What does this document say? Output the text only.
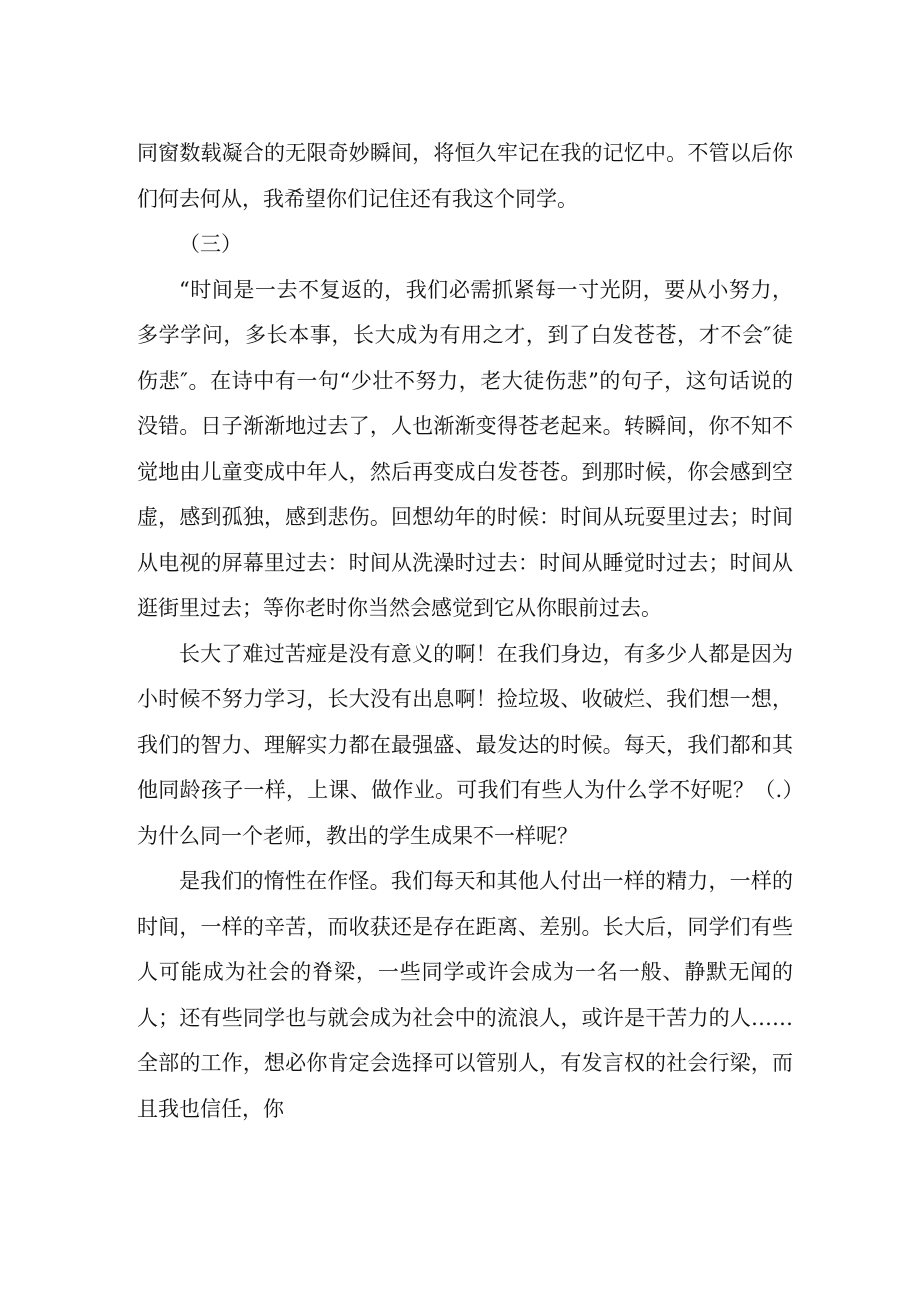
同窗数载凝合的无限奇妙瞬间，将恒久牢记在我的记忆中。不管以后你们何去何从，我希望你们记住还有我这个同学。

（三）

“时间是一去不复返的，我们必需抓紧每一寸光阴，要从小努力，多学学问，多长本事，长大成为有用之才，到了白发苍苍，才不会″徒伤悲″。在诗中有一句“少壮不努力，老大徒伤悲”的句子，这句话说的没错。日子渐渐地过去了，人也渐渐变得苍老起来。转瞬间，你不知不觉地由儿童变成中年人，然后再变成白发苍苍。到那时候，你会感到空虚，感到孤独，感到悲伤。回想幼年的时候：时间从玩耍里过去；时间从电视的屏幕里过去：时间从洗澡时过去：时间从睡觉时过去；时间从逛街里过去；等你老时你当然会感觉到它从你眼前过去。

长大了难过苦痖是没有意义的啊！在我们身边，有多少人都是因为小时候不努力学习，长大没有出息啊！捡垃圾、收破烂、我们想一想，我们的智力、理解实力都在最强盛、最发达的时候。每天，我们都和其他同龄孩子一样，上课、做作业。可我们有些人为什么学不好呢？（.）为什么同一个老师，教出的学生成果不一样呢？

是我们的惰性在作怪。我们每天和其他人付出一样的精力，一样的时间，一样的辛苦，而收获还是存在距离、差别。长大后，同学们有些人可能成为社会的脊梁，一些同学或许会成为一名一般、静默无闻的人；还有些同学也与就会成为社会中的流浪人，或许是干苦力的人……全部的工作，想必你肯定会选择可以管别人，有发言权的社会行梁，而且我也信任，你
